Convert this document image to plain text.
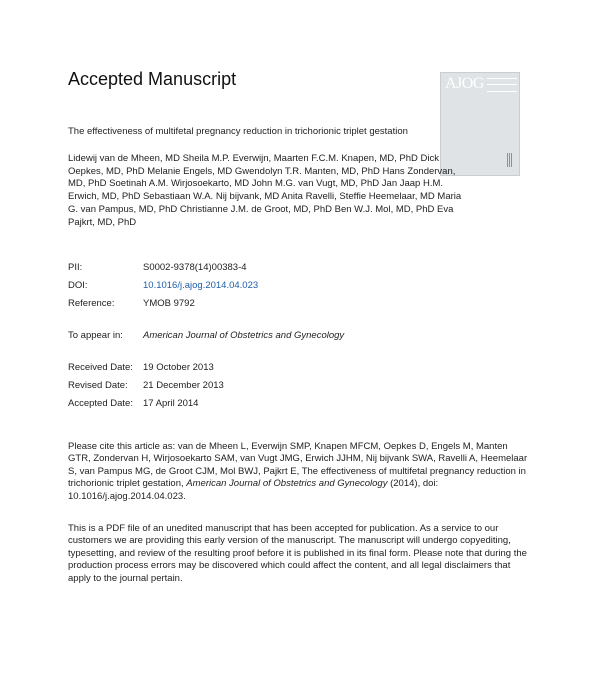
Accepted Manuscript	AJOG
The effectiveness of multifetal pregnancy reduction in trichorionic triplet gestation
Lidewij van de Mheen, MD Sheila M.P. Everwijn, Maarten F.C.M. Knapen, MD, PhD Dick Oepkes, MD, PhD Melanie Engels, MD Gwendolyn T.R. Manten, MD, PhD Hans Zondervan, MD, PhD Soetinah A.M. Wirjosoekarto, MD John M.G. van Vugt, MD, PhD Jan Jaap H.M. Erwich, MD, PhD Sebastiaan W.A. Nij bijvank, MD Anita Ravelli, Steffie Heemelaar, MD Maria G. van Pampus, MD, PhD Christianne J.M. de Groot, MD, PhD Ben W.J. Mol, MD, PhD Eva Pajkrt, MD, PhD
PII:	S0002-9378(14)00383-4
DOI:	10.1016/j.ajog.2014.04.023
Reference:	YMOB 9792
To appear in: American Journal of Obstetrics and Gynecology
Received Date: 19 October 2013
Revised Date: 21 December 2013
Accepted Date: 17 April 2014
Please cite this article as: van de Mheen L, Everwijn SMP, Knapen MFCM, Oepkes D, Engels M, Manten GTR, Zondervan H, Wirjosoekarto SAM, van Vugt JMG, Erwich JJHM, Nij bijvank SWA, Ravelli A, Heemelaar S, van Pampus MG, de Groot CJM, Mol BWJ, Pajkrt E, The effectiveness of multifetal pregnancy reduction in trichorionic triplet gestation, American Journal of Obstetrics and Gynecology (2014), doi: 10.1016/j.ajog.2014.04.023.
This is a PDF file of an unedited manuscript that has been accepted for publication. As a service to our customers we are providing this early version of the manuscript. The manuscript will undergo copyediting, typesetting, and review of the resulting proof before it is published in its final form. Please note that during the production process errors may be discovered which could affect the content, and all legal disclaimers that apply to the journal pertain.
